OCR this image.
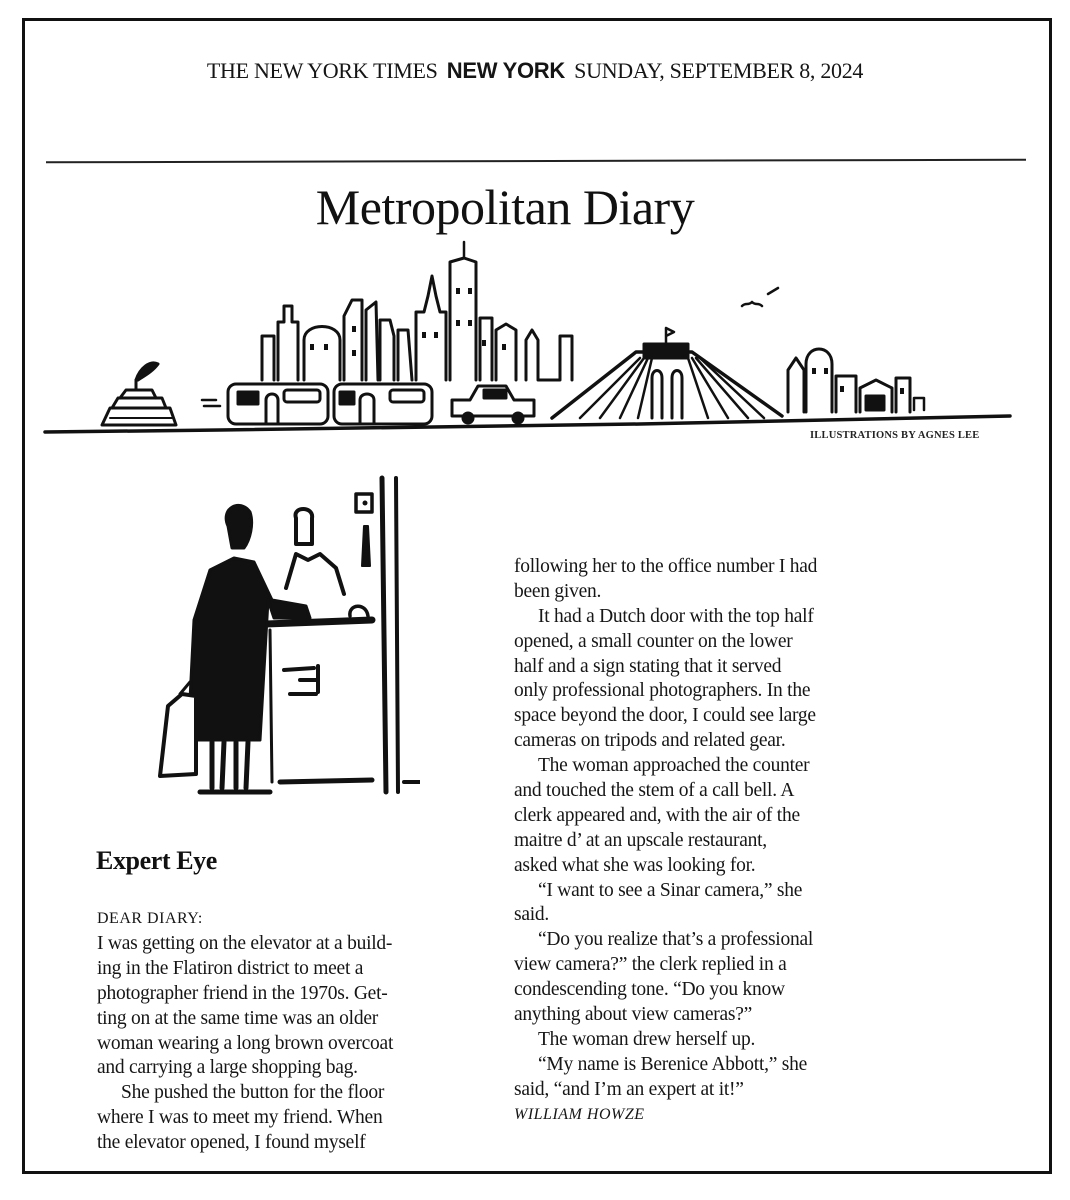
THE NEW YORK TIMES NEW YORK SUNDAY, SEPTEMBER 8, 2024
Metropolitan Diary
ILLUSTRATIONS BY AGNES LEE
Expert Eye
DEAR DIARY:
I was getting on the elevator at a build-
ing in the Flatiron district to meet a
photographer friend in the 1970s. Get-
ting on at the same time was an older
woman wearing a long brown overcoat
and carrying a large shopping bag.
She pushed the button for the floor
where I was to meet my friend. When
the elevator opened, I found myself
following her to the office number I had
been given.
It had a Dutch door with the top half
opened, a small counter on the lower
half and a sign stating that it served
only professional photographers. In the
space beyond the door, I could see large
cameras on tripods and related gear.
The woman approached the counter
and touched the stem of a call bell. A
clerk appeared and, with the air of the
maitre d’ at an upscale restaurant,
asked what she was looking for.
“I want to see a Sinar camera,” she
said.
“Do you realize that’s a professional
view camera?” the clerk replied in a
condescending tone. “Do you know
anything about view cameras?”
The woman drew herself up.
“My name is Berenice Abbott,” she
said, “and I’m an expert at it!”
WILLIAM HOWZE
